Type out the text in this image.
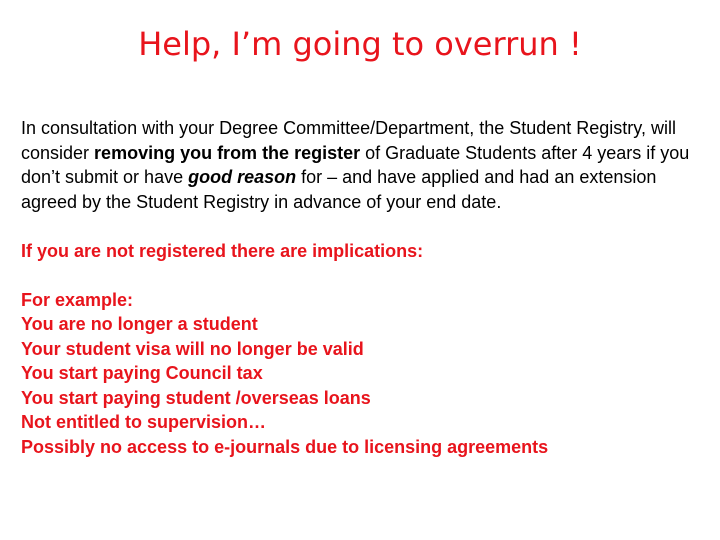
Help, I’m going to overrun !

In consultation with your Degree Committee/Department, the Student Registry, will consider removing you from the register of Graduate Students after 4 years if you don’t submit or have good reason for – and have applied and had an extension agreed by the Student Registry in advance of your end date.

If you are not registered there are implications:

For example:
You are no longer a student
Your student visa will no longer be valid
You start paying Council tax
You start paying student /overseas loans
Not entitled to supervision…
Possibly no access to e-journals due to licensing agreements
